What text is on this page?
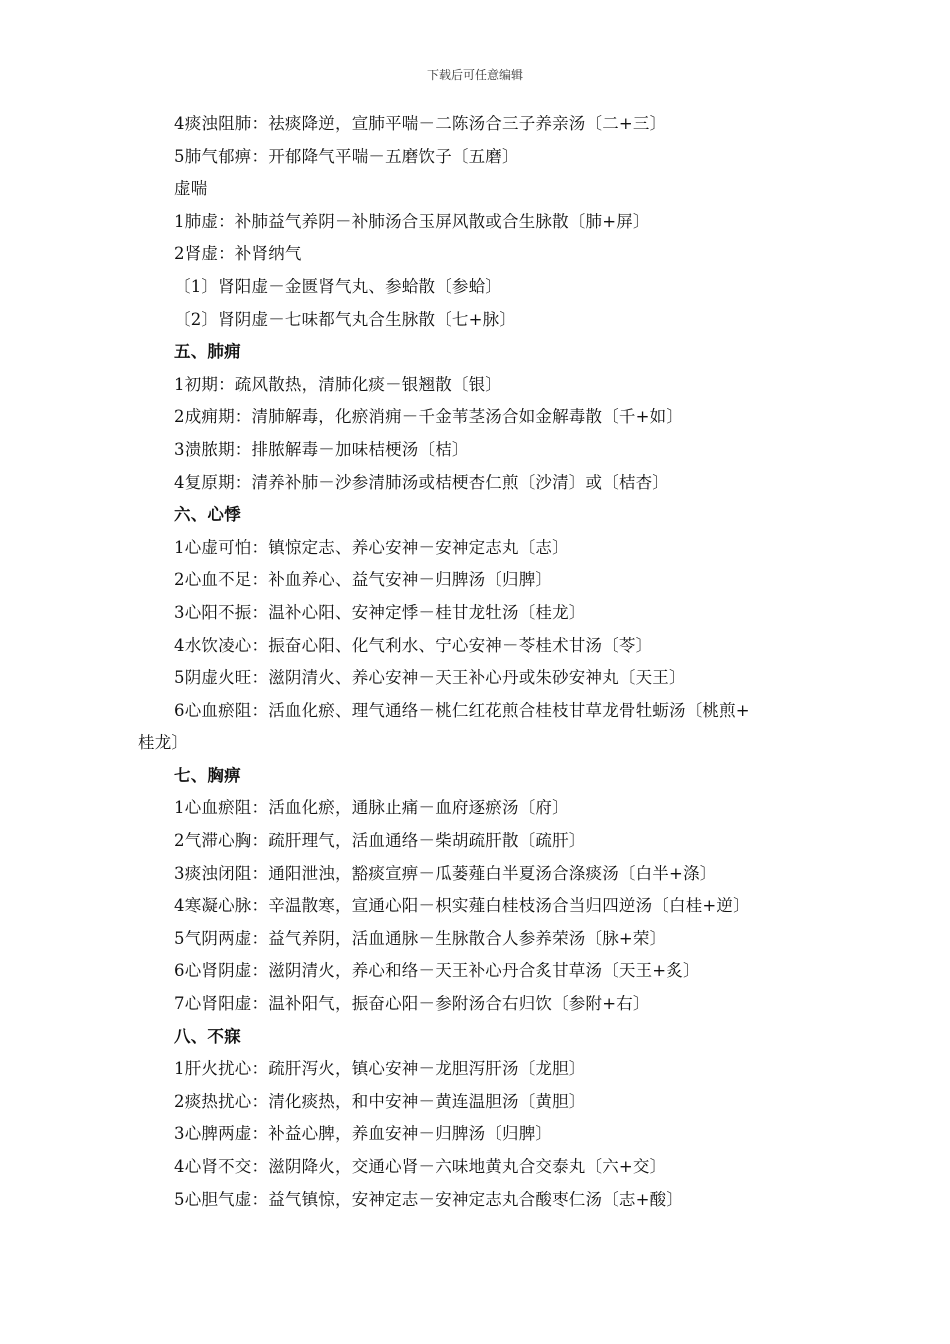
下载后可任意编辑
4痰浊阻肺：祛痰降逆，宣肺平喘－二陈汤合三子养亲汤〔二+三〕
5肺气郁痹：开郁降气平喘－五磨饮子〔五磨〕
虚喘
1肺虚：补肺益气养阴－补肺汤合玉屏风散或合生脉散〔肺+屏〕
2肾虚：补肾纳气
〔1〕肾阳虚－金匮肾气丸、参蛤散〔参蛤〕
〔2〕肾阴虚－七味都气丸合生脉散〔七+脉〕
五、肺痈
1初期：疏风散热，清肺化痰－银翘散〔银〕
2成痈期：清肺解毒，化瘀消痈－千金苇茎汤合如金解毒散〔千+如〕
3溃脓期：排脓解毒－加味桔梗汤〔桔〕
4复原期：清养补肺－沙参清肺汤或桔梗杏仁煎〔沙清〕或〔桔杏〕
六、心悸
1心虚可怕：镇惊定志、养心安神－安神定志丸〔志〕
2心血不足：补血养心、益气安神－归脾汤〔归脾〕
3心阳不振：温补心阳、安神定悸－桂甘龙牡汤〔桂龙〕
4水饮凌心：振奋心阳、化气利水、宁心安神－苓桂术甘汤〔苓〕
5阴虚火旺：滋阴清火、养心安神－天王补心丹或朱砂安神丸〔天王〕
6心血瘀阻：活血化瘀、理气通络－桃仁红花煎合桂枝甘草龙骨牡蛎汤〔桃煎+
桂龙〕
七、胸痹
1心血瘀阻：活血化瘀，通脉止痛－血府逐瘀汤〔府〕
2气滞心胸：疏肝理气，活血通络－柴胡疏肝散〔疏肝〕
3痰浊闭阻：通阳泄浊，豁痰宣痹－瓜蒌薤白半夏汤合涤痰汤〔白半+涤〕
4寒凝心脉：辛温散寒，宣通心阳－枳实薤白桂枝汤合当归四逆汤〔白桂+逆〕
5气阴两虚：益气养阴，活血通脉－生脉散合人参养荣汤〔脉+荣〕
6心肾阴虚：滋阴清火，养心和络－天王补心丹合炙甘草汤〔天王+炙〕
7心肾阳虚：温补阳气，振奋心阳－参附汤合右归饮〔参附+右〕
八、不寐
1肝火扰心：疏肝泻火，镇心安神－龙胆泻肝汤〔龙胆〕
2痰热扰心：清化痰热，和中安神－黄连温胆汤〔黄胆〕
3心脾两虚：补益心脾，养血安神－归脾汤〔归脾〕
4心肾不交：滋阴降火，交通心肾－六味地黄丸合交泰丸〔六+交〕
5心胆气虚：益气镇惊，安神定志－安神定志丸合酸枣仁汤〔志+酸〕
